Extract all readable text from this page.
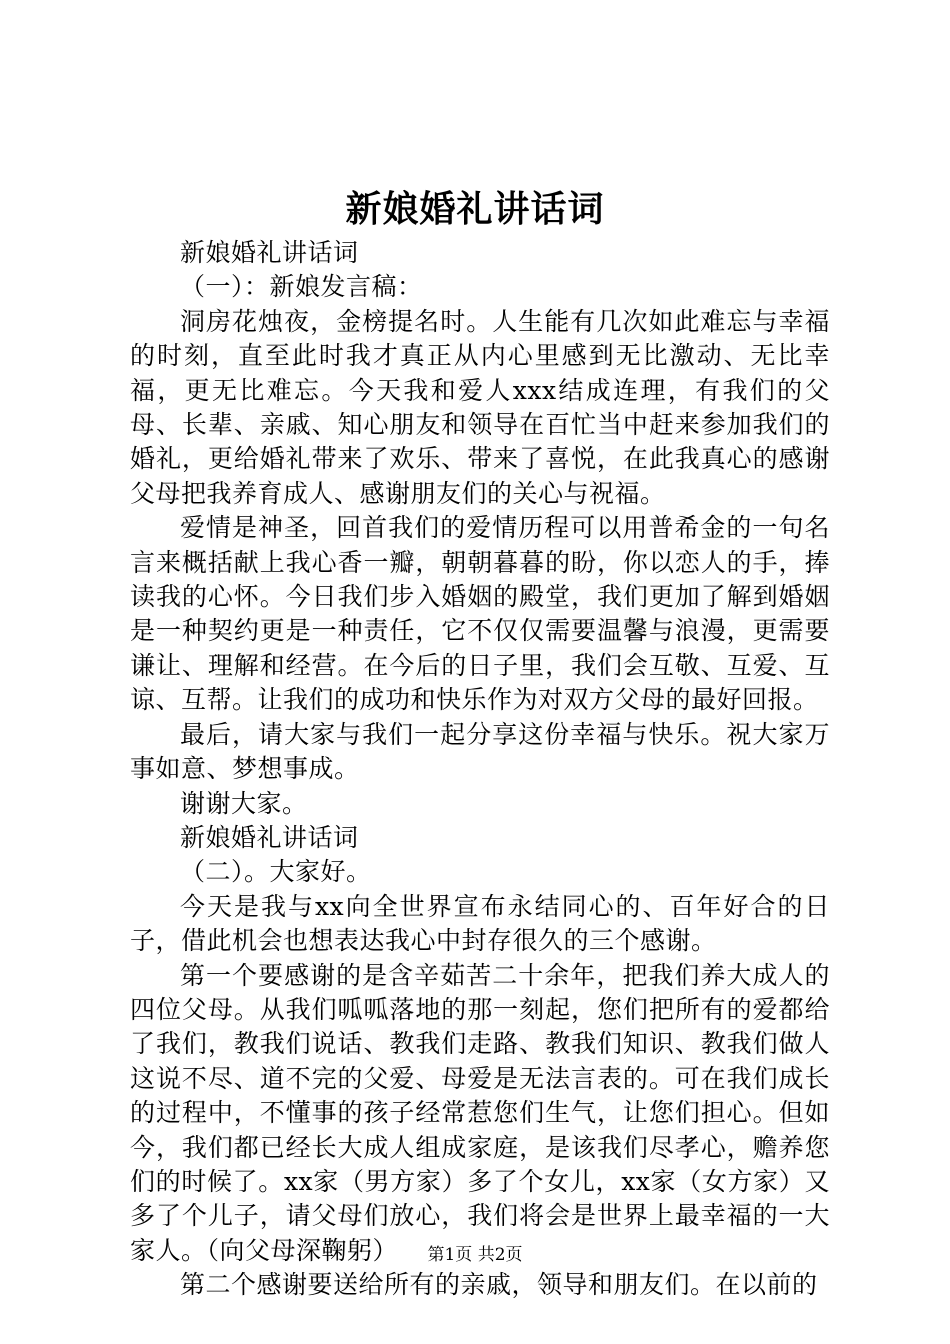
新娘婚礼讲话词

新娘婚礼讲话词

（一）：新娘发言稿：

洞房花烛夜，金榜提名时。人生能有几次如此难忘与幸福的时刻，直至此时我才真正从内心里感到无比激动、无比幸福，更无比难忘。今天我和爱人xxx结成连理，有我们的父母、长辈、亲戚、知心朋友和领导在百忙当中赶来参加我们的婚礼，更给婚礼带来了欢乐、带来了喜悦，在此我真心的感谢父母把我养育成人、感谢朋友们的关心与祝福。

爱情是神圣，回首我们的爱情历程可以用普希金的一句名言来概括献上我心香一瓣，朝朝暮暮的盼，你以恋人的手，捧读我的心怀。今日我们步入婚姻的殿堂，我们更加了解到婚姻是一种契约更是一种责任，它不仅仅需要温馨与浪漫，更需要谦让、理解和经营。在今后的日子里，我们会互敬、互爱、互谅、互帮。让我们的成功和快乐作为对双方父母的最好回报。

最后，请大家与我们一起分享这份幸福与快乐。祝大家万事如意、梦想事成。

谢谢大家。

新娘婚礼讲话词

（二）。大家好。

今天是我与xx向全世界宣布永结同心的、百年好合的日子，借此机会也想表达我心中封存很久的三个感谢。

第一个要感谢的是含辛茹苦二十余年，把我们养大成人的四位父母。从我们呱呱落地的那一刻起，您们把所有的爱都给了我们，教我们说话、教我们走路、教我们知识、教我们做人这说不尽、道不完的父爱、母爱是无法言表的。可在我们成长的过程中，不懂事的孩子经常惹您们生气，让您们担心。但如今，我们都已经长大成人组成家庭，是该我们尽孝心，赡养您们的时候了。xx家（男方家）多了个女儿，xx家（女方家）又多了个儿子，请父母们放心，我们将会是世界上最幸福的一大家人。（向父母深鞠躬）

第二个感谢要送给所有的亲戚，领导和朋友们。在以前的

第1页 共2页
